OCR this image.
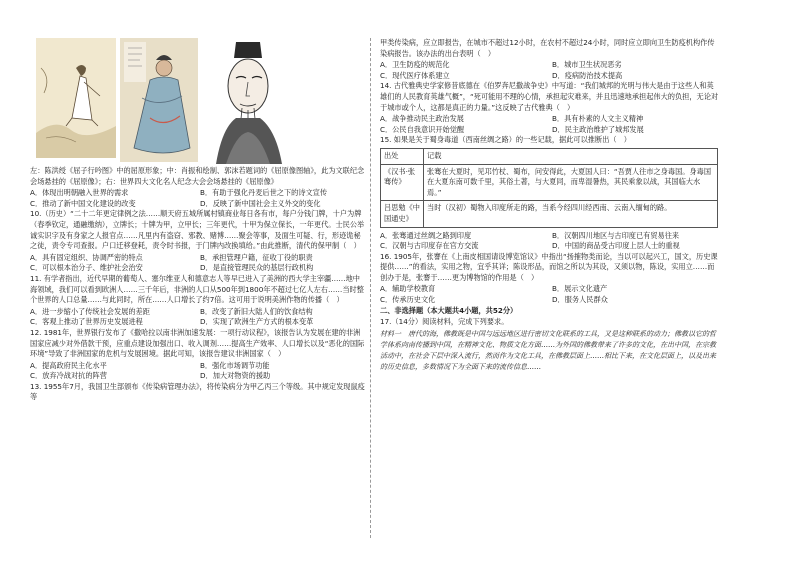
左：陈洪绶《屈子行吟图》中的屈原形象；中：肖振和绘制、郭沫若题词的《屈原像图轴》，此为文联纪念会场悬挂的《屈原像》；右：世界四大文化名人纪念大会会场悬挂的《屈原像》

A．体现出明朝融入世界的需求	B．有助于强化丹麦后世之下的诗文宣传
C．推动了新中国文化建设的改变	D．反映了新中国社会主义外交的变化

10.（历史）“二十二年更定律例之法……顺天府五城所属村镇商业每日各有市，每户分钱门牌，十户为牌（春季钦定，通融缴纳），立牌长；十牌为甲，立甲长；三年更代，十甲为保立保长，一年更代。士民公举诚实识字及有身家之人报官点……凡里内有盗窃、邪教、赌博……聚会等事，及面生可疑、行，形迹诡秘之徒，责令专司查报。户口迁移登耗，责令时书报，于门牌内改换填给。”由此推断，清代的保甲制（　）

A．具有固定组织、协调严密的特点	B．承担管理户籍，征收丁役的职责
C．可以根本治分子、维护社会治安	D．是直接管理民众的基层行政机构

11. 有学者指出，近代早期的葡萄人、塞尔维亚人和德意志人等早已进入了美洲的西大学主宰疆……地中海领域，我们可以看到欧洲人……三千年后，非洲的人口从500年到1800年不超过七亿人左右……当时整个世界的人口总量……与此同时，所在……人口增长了约7倍。这可用于说明美洲作物的传播（　）

A．进一步缩小了传统社会发展的差距	B．改变了新旧大陆人们的饮食结构
C．客观上推动了世界历史发展进程	D．实现了欧洲生产方式的根本变革

12. 1981年，世界银行发布了《撒哈拉以南非洲加速发展：一项行动议程》，该报告认为发展在建的非洲国家应减少对外借款干预，应重点建设加强出口、收入调剂……提高生产效率、人口增长以及“恶化的国际环境”导致了非洲国家的危机与发展困境。据此可知，该报告建议非洲国家（　）

A．提高政府民主化水平	B．强化市场调节功能
C．放弃冷战对抗的阵营	D．加大对物资的援助

13. 1955年7月，我国卫生部颁布《传染病管理办法》，将传染病分为甲乙丙三个等级。其中规定发现鼠疫等

甲类传染病，应立即报告，在城市不超过12小时，在农村不超过24小时，同时应立即向卫生防疫机构作传染病报告。该办法的出台表明（　）

A．卫生防疫的规范化	B．城市卫生状况恶劣
C．现代医疗体系建立	D．疫病防治技术提高

14. 古代雅典史学家修昔底德在《伯罗奔尼撒战争史》中写道：“我们城邦的光明与伟大是由于这些人和英雄们的人民教育英雄气概”，“死可能用不理的心情，承担起灾难来，并且迅速地承担起伟大的负担，无论对于城市或个人，这都是真正的力量。”这反映了古代雅典（　）

A．战争推动民主政治发展	B．具有朴素的人文主义精神
C．公民自我意识开始觉醒	D．民主政治维护了城邦发展

15. 如果是关于蜀身毒道（西南丝绸之路）的一些记载，据此可以推断出（　）

出处	记载
《汉书·张骞传》	张骞在大夏时，见邛竹杖、蜀布，问安得此，大夏国人曰：“吾贾人往市之身毒国。身毒国在大夏东南可数千里，其俗土著，与大夏同，而卑湿暑热，其民乘象以战，其国临大水焉。”
吕思勉《中国通史》	当时（汉初）蜀物入印度所走的路，当系今经四川经西南、云南入缅甸的路。
A．张骞通过丝绸之路到印度	B．汉朝四川地区与古印度已有贸易往来
C．汉朝与古印度存在官方交流	D．中国的商品受古印度上层人士的重视

16. 1905年，张謇在《上南皮相国请设博览馆议》中指出“扬搉物类而论，当以可以起兴工，国文，历史课提供……”的看法，实用之物，宜乎其详；陈设形品，而馆之所以为其设，又须以物，陈设，实用立……而创办于是，张謇于……更为博物馆的作用是（　）

A．辅助学校教育	B．展示文化遗产
C．传承历史文化	D．服务人民群众

二、非选择题（本大题共4小题，共52分）

17.（14分）阅读材料，完成下列要求。

材料一　唐代的海，佛教既是中国与远远地区进行密切文化联系的工具，又是这种联系的动力；佛教以它的哲学体系向南传播到中国，在精神文化、物质文化方面……为外国的佛教带来了许多的文化，在出中国，在宗教活动中，在社会下层中深入流行，然而作为文化工具，在佛教层面上……相比下来，在文化层面上，以及出来的历史信息，多数情况下为全面下来的流传信息……
